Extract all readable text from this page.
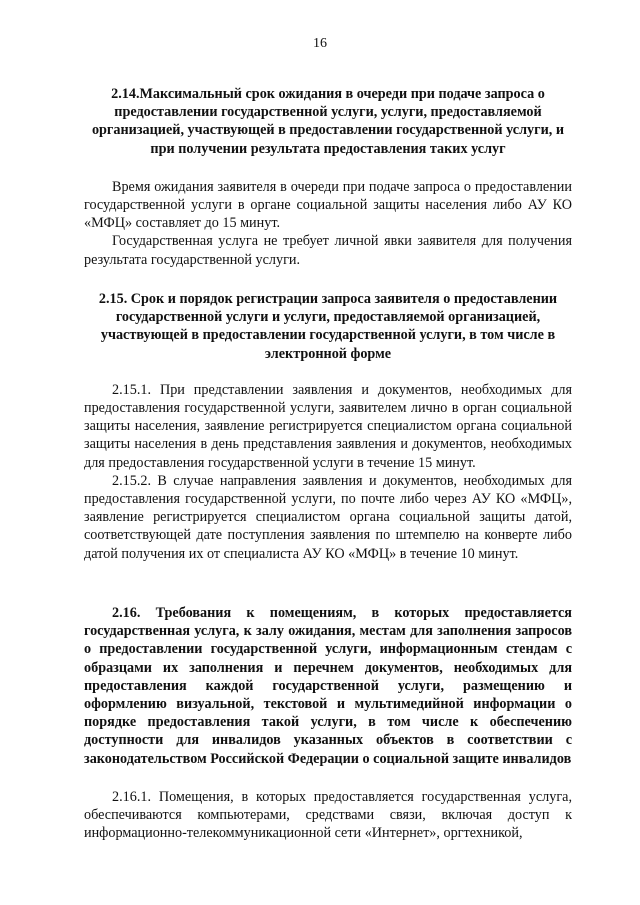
16

2.14.Максимальный срок ожидания в очереди при подаче запроса о предоставлении государственной услуги, услуги, предоставляемой организацией, участвующей в предоставлении государственной услуги, и при получении результата предоставления таких услуг

Время ожидания заявителя в очереди при подаче запроса о предоставлении государственной услуги в органе социальной защиты населения либо АУ КО «МФЦ» составляет до 15 минут.

Государственная услуга не требует личной явки заявителя для получения результата государственной услуги.

2.15. Срок и порядок регистрации запроса заявителя о предоставлении государственной услуги и услуги, предоставляемой организацией, участвующей в предоставлении государственной услуги, в том числе в электронной форме

2.15.1. При представлении заявления и документов, необходимых для предоставления государственной услуги, заявителем лично в орган социальной защиты населения, заявление регистрируется специалистом органа социальной защиты населения в день представления заявления и документов, необходимых для предоставления государственной услуги в течение 15 минут.

2.15.2. В случае направления заявления и документов, необходимых для предоставления государственной услуги, по почте либо через АУ КО «МФЦ», заявление регистрируется специалистом органа социальной защиты датой, соответствующей дате поступления заявления по штемпелю на конверте либо датой получения их от специалиста АУ КО «МФЦ» в течение 10 минут.

2.16. Требования к помещениям, в которых предоставляется государственная услуга, к залу ожидания, местам для заполнения запросов о предоставлении государственной услуги, информационным стендам с образцами их заполнения и перечнем документов, необходимых для предоставления каждой государственной услуги, размещению и оформлению визуальной, текстовой и мультимедийной информации о порядке предоставления такой услуги, в том числе к обеспечению доступности для инвалидов указанных объектов в соответствии с законодательством Российской Федерации о социальной защите инвалидов

2.16.1. Помещения, в которых предоставляется государственная услуга, обеспечиваются компьютерами, средствами связи, включая доступ к информационно-телекоммуникационной сети «Интернет», оргтехникой,
